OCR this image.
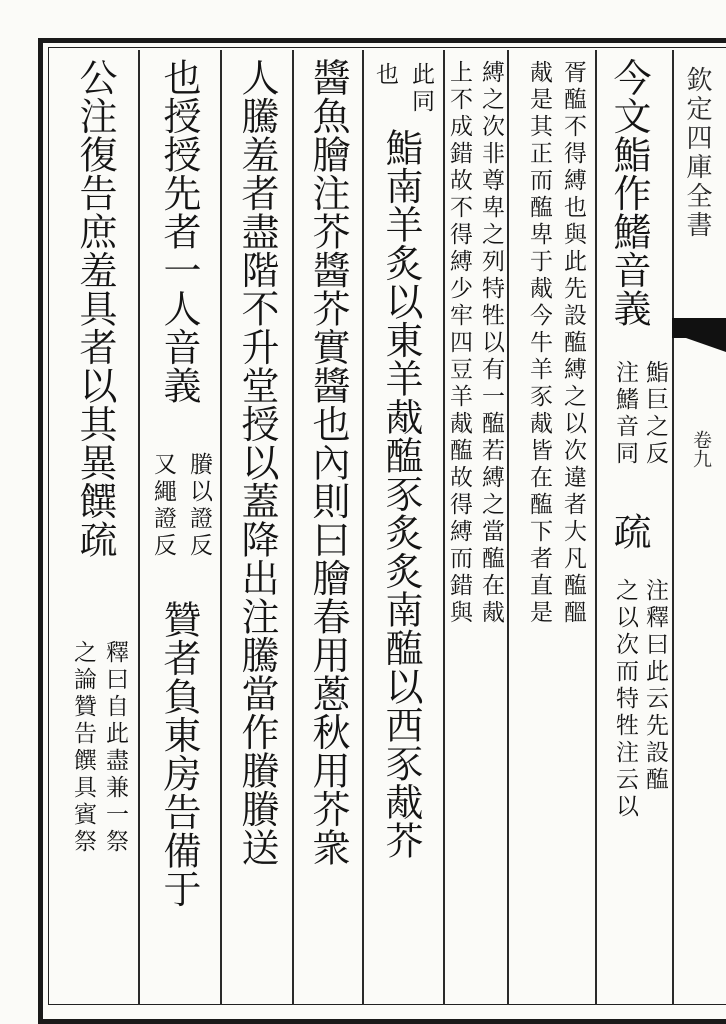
欽定四庫全書
卷九
今文鮨作鰭音義
鮨巨之反
注鰭音同
疏
注釋曰此云先設醢
之以次而特牲注云以
胥醢不得縛也與此先設醢縛之以次違者大凡醢醞
胾是其正而醢卑于胾今牛羊豕胾皆在醢下者直是
縛之次非尊卑之列特牲以有一醢若縛之當醢在胾
上不成錯故不得縛少牢四豆羊胾醢故得縛而錯與
此同
也
鮨南羊炙以東羊胾醢豕炙炙南醢以西豕胾芥
醬魚膾注芥醬芥實醬也內則曰膾春用蔥秋用芥衆
人騰羞者盡階不升堂授以蓋降出注騰當作賸賸送
也授授先者一人音義
賸以證反
又繩證反
贊者負東房告備于
公注復告庶羞具者以其異饌疏
釋曰自此盡兼一祭
之論贊告饌具賓祭
